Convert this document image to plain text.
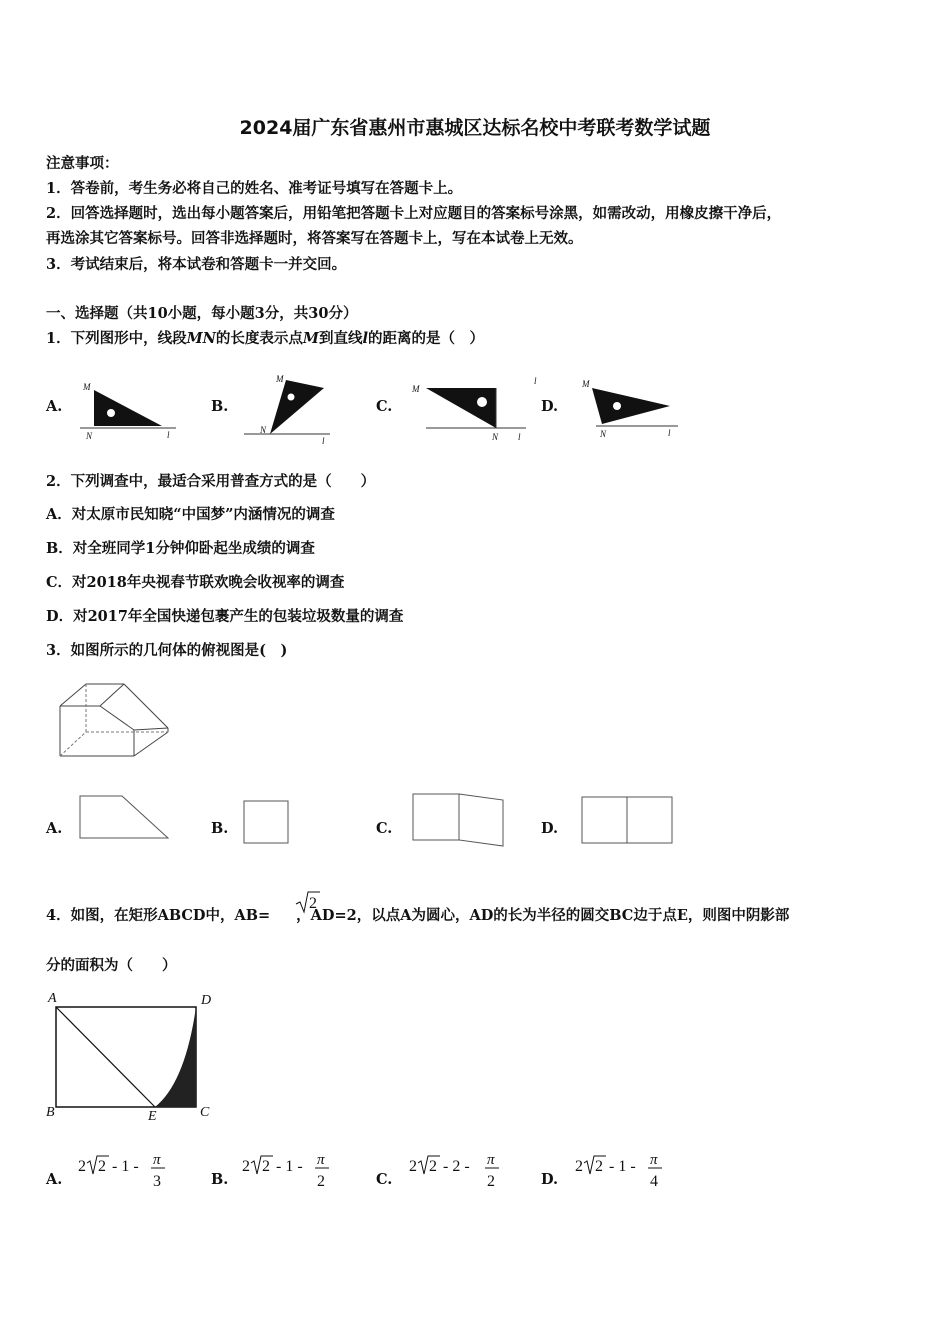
2024届广东省惠州市惠城区达标名校中考联考数学试题
注意事项：
1．答卷前，考生务必将自己的姓名、准考证号填写在答题卡上。
2．回答选择题时，选出每小题答案后，用铅笔把答题卡上对应题目的答案标号涂黑，如需改动，用橡皮擦干净后，
再选涂其它答案标号。回答非选择题时，将答案写在答题卡上，写在本试卷上无效。
3．考试结束后，将本试卷和答题卡一并交回。
一、选择题（共10小题，每小题3分，共30分）
1．下列图形中，线段MN的长度表示点M到直线l的距离的是（　）
A.	B.	C.	D.
M
N	l
M
N
l
M
N
l
l
M
N	l
2．下列调查中，最适合采用普查方式的是（　　）
A．对太原市民知晓“中国梦”内涵情况的调查
B．对全班同学1分钟仰卧起坐成绩的调查
C．对2018年央视春节联欢晚会收视率的调查
D．对2017年全国快递包裹产生的包装垃圾数量的调查
3．如图所示的几何体的俯视图是(　)
A.	B.	C.	D.
4．如图，在矩形ABCD中，AB= ，AD=2，以点A为圆心，AD的长为半径的圆交BC边于点E，则图中阴影部
2
分的面积为（　　）
A	D
B	E	C
A.
2 2 - 1 - π
3	B.
2 2 - 1 - π
2	C.
2 2 - 2 - π
2	D.
2 2 - 1 - π
4
